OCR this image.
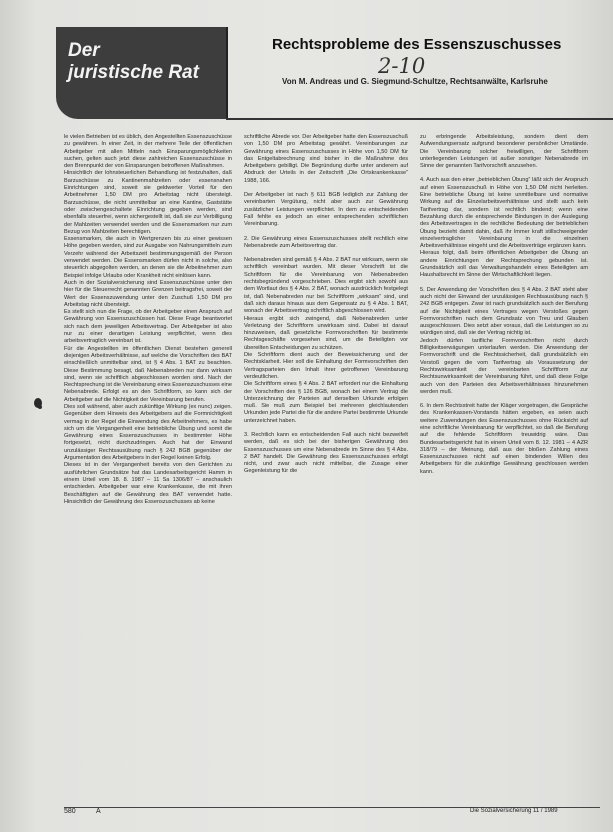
Der
juristische Rat
Rechtsprobleme des Essenszuschusses
2-10
Von M. Andreas und G. Siegmund-Schultze, Rechtsanwälte, Karlsruhe

le vielen Betrieben ist es üblich, den Angestellten Essenszuschüsse zu gewähren. In einer Zeit, in der mehrere Teile der öffentlichen Arbeitgeber mit allen Mitteln nach Einsparungsmöglichkeiten suchen, gelten auch jetzt diese zahlreichen Essenszuschüsse in den Brennpunkt der von Einsparungen betroffenen Maßnahmen.

Hinsichtlich der lohnsteuerlichen Behandlung ist festzuhalten, daß Barzuschüsse zu Kantinenmahlzeiten oder essensnahen Einrichtungen sind, soweit sie geldwerter Vorteil für den Arbeitnehmer 1,50 DM pro Arbeitstag nicht übersteigt. Barzuschüsse, die nicht unmittelbar an eine Kantine, Gaststätte oder zwischengeschaltete Einrichtung gegeben werden, sind ebenfalls steuerfrei, wenn sichergestellt ist, daß sie zur Verbilligung der Mahlzeiten verwendet werden und die Essensmarken nur zum Bezug von Mahlzeiten berechtigen.

Essensmarken, die auch in Wertgrenzen bis zu einer gewissen Höhe gegeben werden, sind zur Ausgabe von Nahrungsmitteln zum Verzehr während der Arbeitszeit bestimmungsgemäß der Person verwendet werden. Die Essensmarken dürfen nicht in solche, also steuerlich abgegolten werden, an denen sie die Arbeitnehmer zum Beispiel infolge Urlaubs oder Krankheit nicht einlösen kann.

Auch in der Sozialversicherung sind Essenszuschüsse unter den hier für die Steuerrecht genannten Grenzen beitragsfrei, soweit der Wert der Essenszuwendung unter den Zuschuß 1,50 DM pro Arbeitstag nicht übersteigt.

Es stellt sich nun die Frage, ob der Arbeitgeber einen Anspruch auf Gewährung von Essenszuschüssen hat. Diese Frage beantwortet sich nach dem jeweiligen Arbeitsvertrag. Der Arbeitgeber ist also nur zu einer derartigen Leistung verpflichtet, wenn dies arbeitsvertraglich vereinbart ist.

Für die Angestellten im öffentlichen Dienst bestehen generell diejenigen Arbeitsverhältnisse, auf welche die Vorschriften des BAT einschließlich unmittelbar sind, ist § 4 Abs. 1 BAT zu beachten. Diese Bestimmung besagt, daß Nebenabreden nur dann wirksam sind, wenn sie schriftlich abgeschlossen worden sind. Nach der Rechtsprechung ist die Vereinbarung eines Essenszuschusses eine Nebenabrede. Erfolgt es an den Schriftform, so kann sich der Arbeitgeber auf die Nichtigkeit der Vereinbarung berufen.

Dies soll während, aber auch zukünftige Wirkung (ex nunc) zeigen. Gegenüber dem Hinweis des Arbeitgebers auf die Formnichtigkeit vermag in der Regel die Einwendung des Arbeitnehmers, es habe sich um die Vergangenheit eine betriebliche Übung und somit die Gewährung eines Essenszuschusses in bestimmter Höhe fortgesetzt, nicht durchzudringen. Auch hat der Einwand unzulässiger Rechtsausübung nach § 242 BGB gegenüber der Argumentation des Arbeitgebers in der Regel keinen Erfolg.

Dieses ist in der Vergangenheit bereits von den Gerichten zu ausführlichen Grundsätze hat das Landesarbeitsgericht Hamm in einem Urteil vom 18. 8. 1987 – 11 Sa 1306/87 – anschaulich entschieden. Arbeitgeber war eine Krankenkasse, die mit ihren Beschäftigten auf die Gewährung des BAT verwendet hatte. Hinsichtlich der Gewährung des Essenszuschusses ab keine

schriftliche Abrede vor. Der Arbeitgeber hatte den Essenszuschuß von 1,50 DM pro Arbeitstag gewährt. Vereinbarungen zur Gewährung eines Essenszuschusses in Höhe von 1,50 DM für das Entgeltabrechnung sind bisher in die Maßnahme des Arbeitgebers gebilligt. Die Begründung durfte unter anderem auf Abdruck der Urteils in der Zeitschrift „Die Ortskrankenkasse“ 1988, 166.

Der Arbeitgeber ist nach § 611 BGB lediglich zur Zahlung der vereinbarten Vergütung, nicht aber auch zur Gewährung zusätzlicher Leistungen verpflichtet. In dem zu entscheidenden Fall fehlte es jedoch an einer entsprechenden schriftlichen Vereinbarung.

2. Die Gewährung eines Essenszuschusses stellt rechtlich eine Nebenabrede zum Arbeitsvertrag dar.

Nebenabreden sind gemäß § 4 Abs. 2 BAT nur wirksam, wenn sie schriftlich vereinbart wurden. Mit dieser Vorschrift ist die Schriftform für die Vereinbarung von Nebenabreden rechtsbegründend vorgeschrieben. Dies ergibt sich sowohl aus dem Wortlaut des § 4 Abs. 2 BAT, wonach ausdrücklich festgelegt ist, daß Nebenabreden nur bei Schriftform „wirksam“ sind, und daß sich daraus hinaus aus dem Gegensatz zu § 4 Abs. 1 BAT, wonach der Arbeitsvertrag schriftlich abgeschlossen wird.

Hieraus ergibt sich zwingend, daß Nebenabreden unter Verletzung der Schriftform unwirksam sind. Dabei ist darauf hinzuweisen, daß gesetzliche Formvorschriften für bestimmte Rechtsgeschäfte vorgesehen sind, um die Beteiligten vor übereilten Entscheidungen zu schützen.

Die Schriftform dient auch der Beweissicherung und der Rechtsklarheit. Hier soll die Einhaltung der Formvorschriften den Vertragsparteien den Inhalt ihrer getroffenen Vereinbarung verdeutlichen.

Die Schriftform eines § 4 Abs. 2 BAT erfordert nur die Einhaltung der Vorschriften des § 126 BGB, wonach bei einem Vertrag die Unterzeichnung der Parteien auf derselben Urkunde erfolgen muß. Sie muß zum Beispiel bei mehreren gleichlautenden Urkunden jede Partei die für die andere Partei bestimmte Urkunde unterzeichnet haben.

3. Rechtlich kann es entscheidenden Fall auch nicht bezweifelt werden, daß es sich bei der bisherigen Gewährung des Essenszuschusses um eine Nebenabrede im Sinne des § 4 Abs. 2 BAT handelt. Die Gewährung des Essenszuschusses erfolgt nicht, und zwar auch nicht mittelbar, die Zusage einer Gegenleistung für die

zu erbringende Arbeitsleistung, sondern dient dem Aufwendungsersatz aufgrund besonderer persönlicher Umstände. Die Vereinbarung solcher freiwilligen, der Schriftform unterliegenden Leistungen ist außer sonstiger Nebenabrede im Sinne der genannten Tarifvorschrift anzusehen.

4. Auch aus den einer „betrieblichen Übung“ läßt sich der Anspruch auf einen Essenszuschuß in Höhe von 1,50 DM nicht herleiten. Eine betriebliche Übung ist keine unmittelbare und normative Wirkung auf die Einzelarbeitsverhältnisse und stellt auch kein Tarifvertrag dar, sondern ist rechtlich bindend; wenn eine Bezahlung durch die entsprechende Bindungen in der Auslegung des Arbeitsvertrages in die rechtliche Bedeutung der betrieblichen Übung bezieht damit dahin, daß ihr lmmer kraft stillschweigender einzelvertraglicher Vereinbarung in die einzelnen Arbeitsverhältnisse eingeht und die Arbeitsverträge ergänzen kann.

Hieraus folgt, daß beim öffentlichen Arbeitgeber die Übung an andere Einrichtungen der Rechtsprechung gebunden ist. Grundsätzlich soll das Verwaltungshandeln eines Beteiligten am Haushaltsrecht im Sinne der Wirtschaftlichkeit liegen.

5. Der Anwendung der Vorschriften des § 4 Abs. 2 BAT steht aber auch nicht der Einwand der unzulässigen Rechtsausübung nach § 242 BGB entgegen. Zwar ist nach grundsätzlich auch der Berufung auf die Nichtigkeit eines Vertrages wegen Verstoßes gegen Formvorschriften nach dem Grundsatz von Treu und Glauben ausgeschlossen. Dies setzt aber voraus, daß die Leistungen so zu würdigen sind, daß sie der Vertrag nichtig ist.

Jedoch dürfen tarifliche Formvorschriften nicht durch Billigkeitserwägungen unterlaufen werden. Die Anwendung der Formvorschrift und die Rechtssicherheit, daß grundsätzlich ein Verstoß gegen die vom Tarifvertrag als Voraussetzung der Rechtswirksamkeit der vereinbarten Schriftform zur Rechtsunwirksamkeit der Vereinbarung führt, und daß diese Folge auch von den Parteien des Arbeitsverhältnisses hinzunehmen werden muß.

6. In dem Rechtsstreit hatte der Kläger vorgetragen, die Gespräche des Krankenkassen-Vorstands hätten ergeben, es seien auch weitere Zuwendungen des Essenszuschusses ohne Rücksicht auf eine schriftliche Vereinbarung für verpflichtet, so daß die Berufung auf die fehlende Schriftform treuwidrig wäre. Das Bundesarbeitsgericht hat in einem Urteil vom 8. 12. 1981 – 4 AZR 318/79 – der Meinung, daß aus der bloßen Zahlung eines Essenszuschusses nicht auf einen bindenden Willen des Arbeitgebers für die zukünftige Gewährung geschlossen werden kann.

580	A	Die Sozialversicherung 11 / 1989
